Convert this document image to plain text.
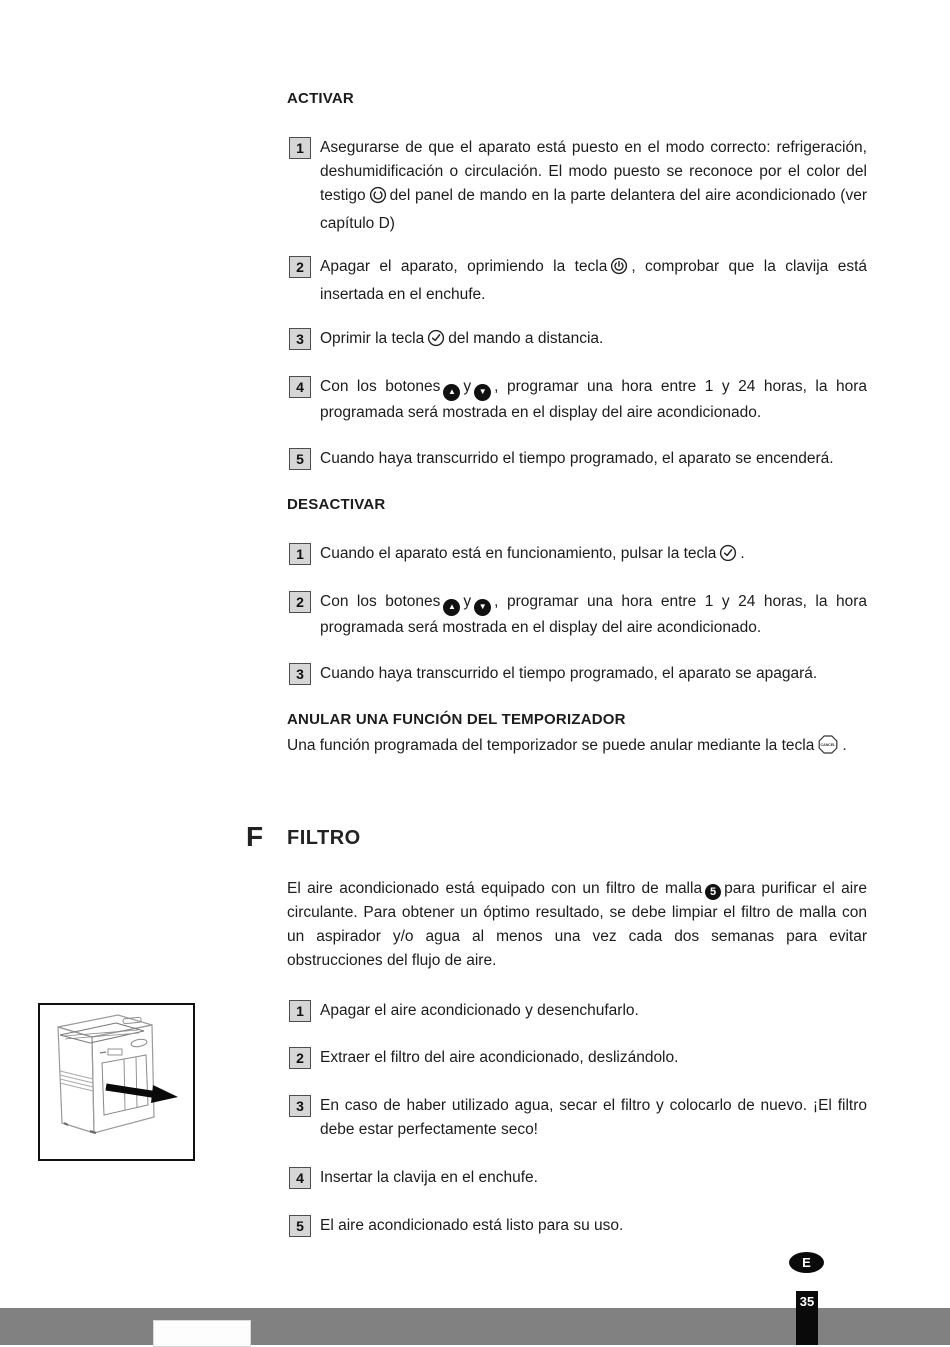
ACTIVAR
1	Asegurarse de que el aparato está puesto en el modo correcto: refrigeración, deshumidificación o circulación. El modo puesto se reconoce por el color del testigo del panel de mando en la parte delantera del aire acondicionado (ver capítulo D)
2	Apagar el aparato, oprimiendo la tecla , comprobar que la clavija está insertada en el enchufe.
3	Oprimir la tecla del mando a distancia.
4	Con los botones ▲ y ▼ , programar una hora entre 1 y 24 horas, la hora programada será mostrada en el display del aire acondicionado.
5	Cuando haya transcurrido el tiempo programado, el aparato se encenderá.
DESACTIVAR
1	Cuando el aparato está en funcionamiento, pulsar la tecla .
2	Con los botones ▲ y ▼ , programar una hora entre 1 y 24 horas, la hora programada será mostrada en el display del aire acondicionado.
3	Cuando haya transcurrido el tiempo programado, el aparato se apagará.
ANULAR UNA FUNCIÓN DEL TEMPORIZADOR
Una función programada del temporizador se puede anular mediante la tecla CANCEL .
F FILTRO
El aire acondicionado está equipado con un filtro de malla 5 para purificar el aire circulante. Para obtener un óptimo resultado, se debe limpiar el filtro de malla con un aspirador y/o agua al menos una vez cada dos semanas para evitar obstrucciones del flujo de aire.
1	Apagar el aire acondicionado y desenchufarlo.
2	Extraer el filtro del aire acondicionado, deslizándolo.
3	En caso de haber utilizado agua, secar el filtro y colocarlo de nuevo. ¡El filtro debe estar perfectamente seco!
4	Insertar la clavija en el enchufe.
5	El aire acondicionado está listo para su uso.
E
35
